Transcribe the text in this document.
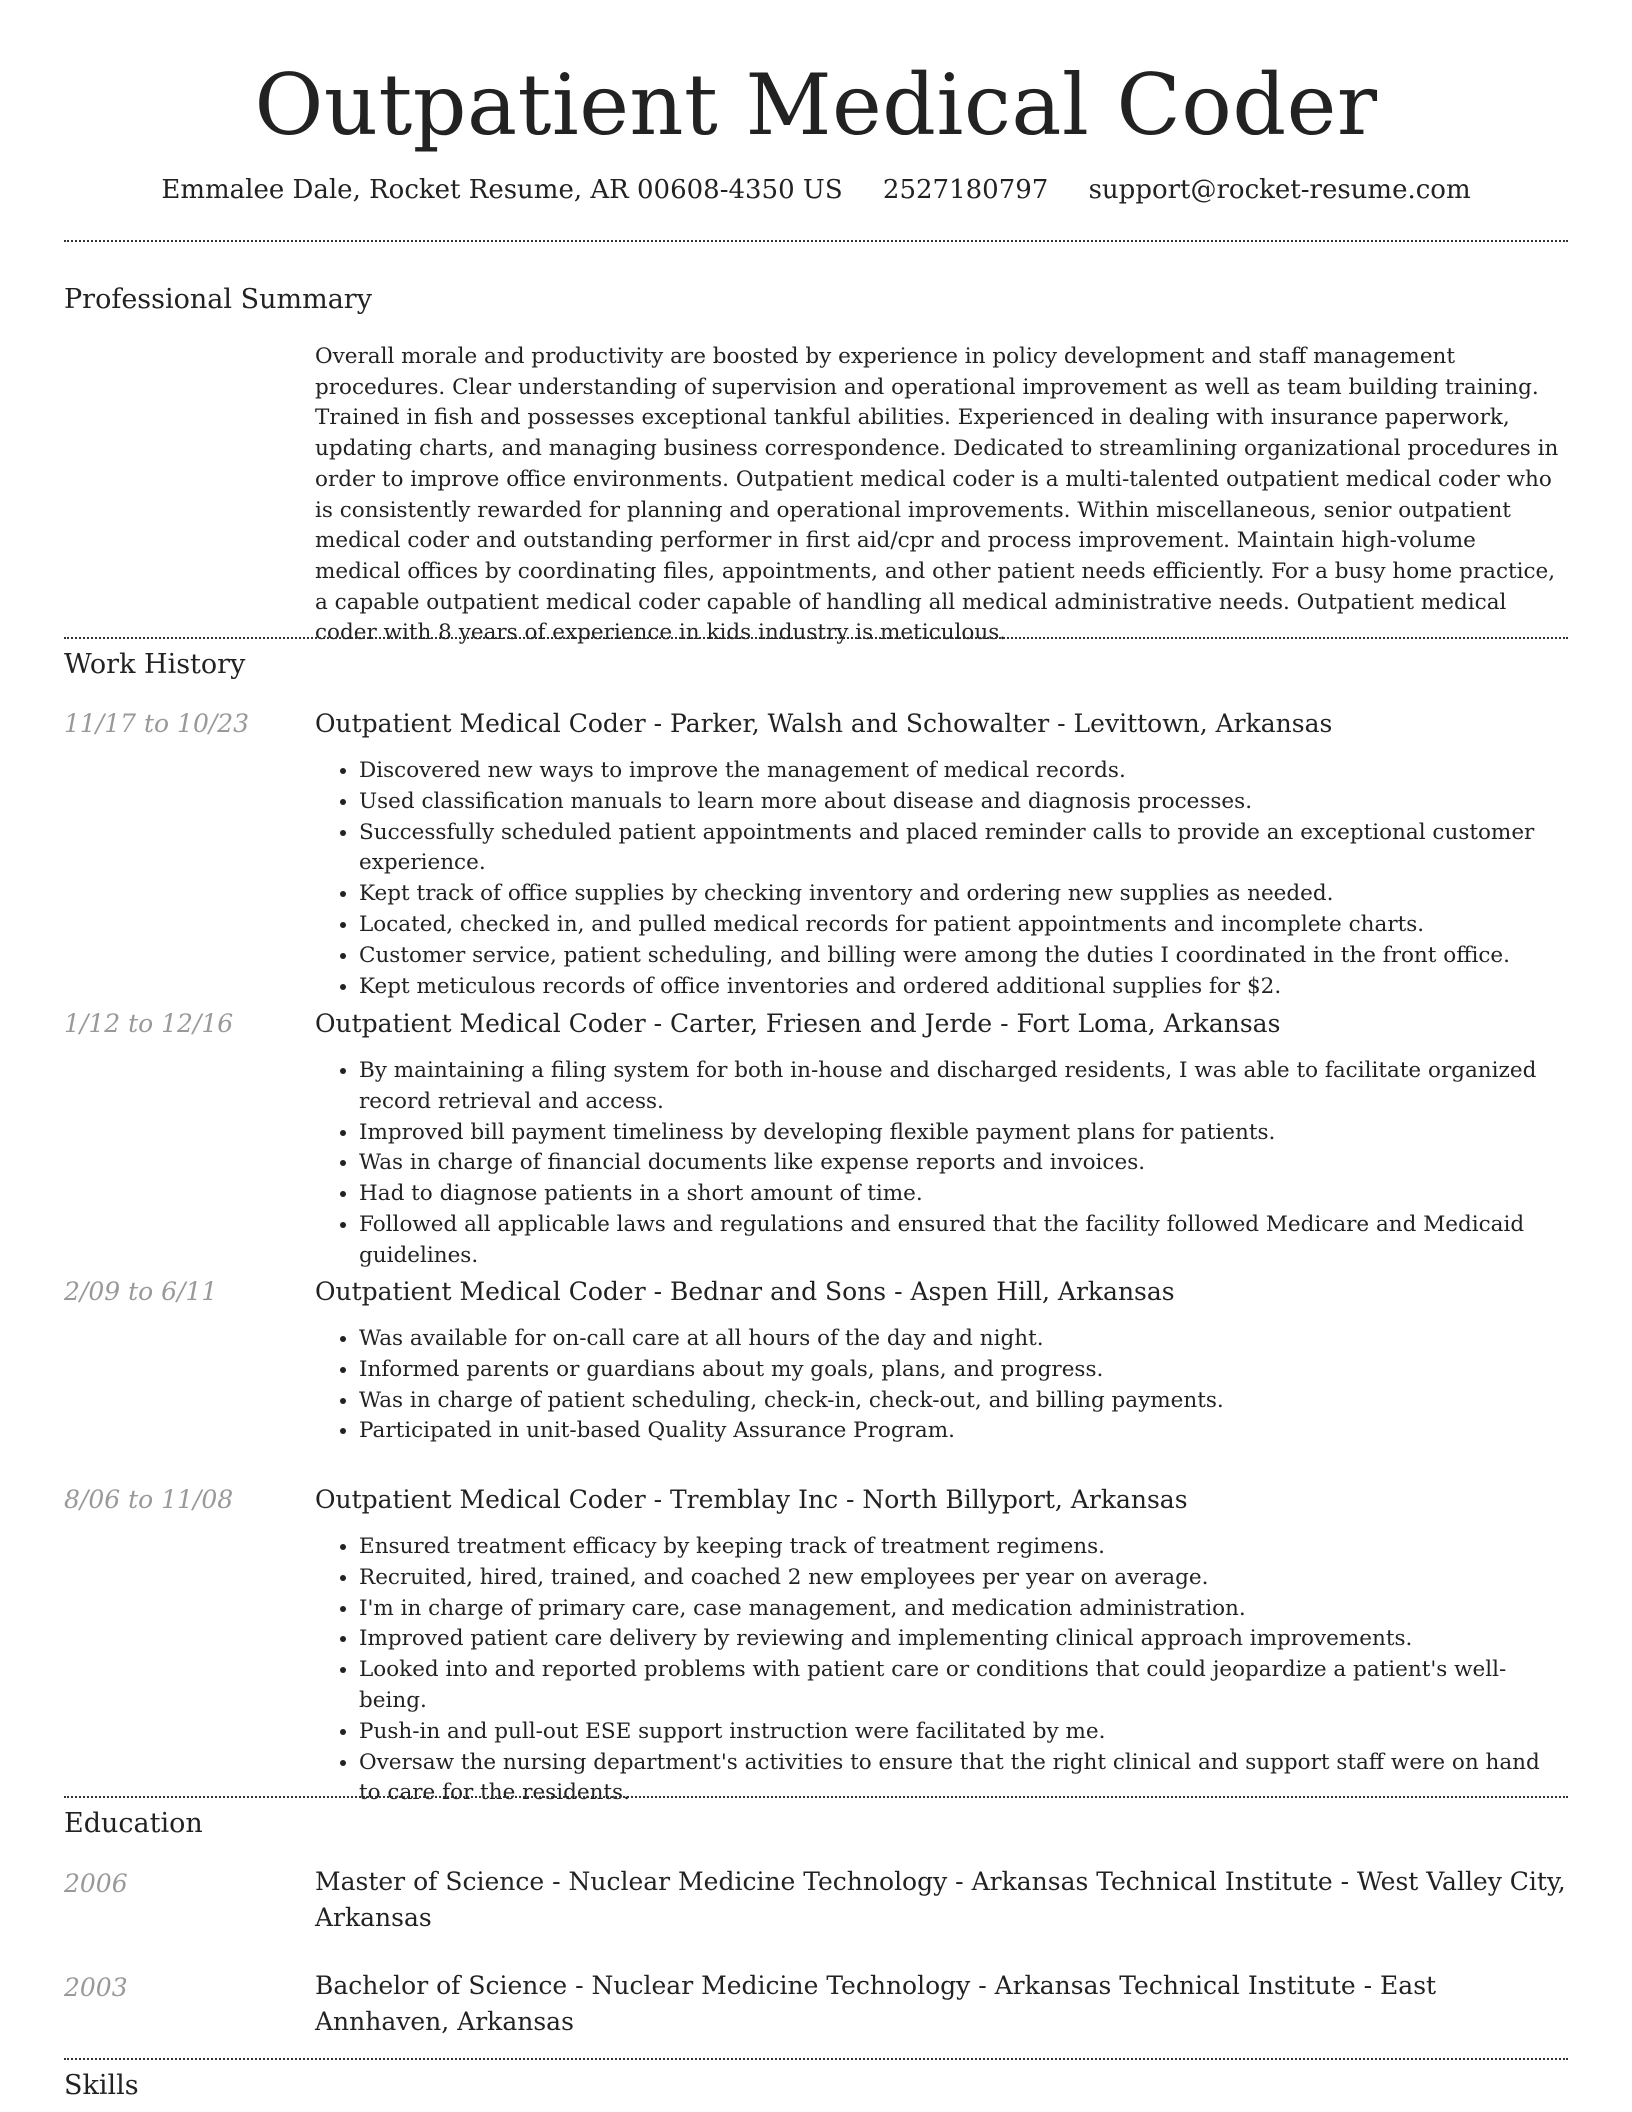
Outpatient Medical Coder
Emmalee Dale, Rocket Resume, AR 00608-4350 US 2527180797 support@rocket-resume.com
Professional Summary

Overall morale and productivity are boosted by experience in policy development and staff management procedures. Clear understanding of supervision and operational improvement as well as team building training. Trained in fish and possesses exceptional tankful abilities. Experienced in dealing with insurance paperwork, updating charts, and managing business correspondence. Dedicated to streamlining organizational procedures in order to improve office environments. Outpatient medical coder is a multi-talented outpatient medical coder who is consistently rewarded for planning and operational improvements. Within miscellaneous, senior outpatient medical coder and outstanding performer in first aid/cpr and process improvement. Maintain high-volume medical offices by coordinating files, appointments, and other patient needs efficiently. For a busy home practice, a capable outpatient medical coder capable of handling all medical administrative needs. Outpatient medical coder with 8 years of experience in kids industry is meticulous.

Work History
11/17 to 10/23	Outpatient Medical Coder - Parker, Walsh and Schowalter - Levittown, Arkansas
• Discovered new ways to improve the management of medical records.
• Used classification manuals to learn more about disease and diagnosis processes.
• Successfully scheduled patient appointments and placed reminder calls to provide an exceptional customer experience.
• Kept track of office supplies by checking inventory and ordering new supplies as needed.
• Located, checked in, and pulled medical records for patient appointments and incomplete charts.
• Customer service, patient scheduling, and billing were among the duties I coordinated in the front office.
• Kept meticulous records of office inventories and ordered additional supplies for $2.
1/12 to 12/16	Outpatient Medical Coder - Carter, Friesen and Jerde - Fort Loma, Arkansas
• By maintaining a filing system for both in-house and discharged residents, I was able to facilitate organized record retrieval and access.
• Improved bill payment timeliness by developing flexible payment plans for patients.
• Was in charge of financial documents like expense reports and invoices.
• Had to diagnose patients in a short amount of time.
• Followed all applicable laws and regulations and ensured that the facility followed Medicare and Medicaid guidelines.
2/09 to 6/11	Outpatient Medical Coder - Bednar and Sons - Aspen Hill, Arkansas
• Was available for on-call care at all hours of the day and night.
• Informed parents or guardians about my goals, plans, and progress.
• Was in charge of patient scheduling, check-in, check-out, and billing payments.
• Participated in unit-based Quality Assurance Program.
8/06 to 11/08	Outpatient Medical Coder - Tremblay Inc - North Billyport, Arkansas
• Ensured treatment efficacy by keeping track of treatment regimens.
• Recruited, hired, trained, and coached 2 new employees per year on average.
• I'm in charge of primary care, case management, and medication administration.
• Improved patient care delivery by reviewing and implementing clinical approach improvements.
• Looked into and reported problems with patient care or conditions that could jeopardize a patient's well-being.
• Push-in and pull-out ESE support instruction were facilitated by me.
• Oversaw the nursing department's activities to ensure that the right clinical and support staff were on hand to care for the residents.
Education
2006	Master of Science - Nuclear Medicine Technology - Arkansas Technical Institute - West Valley City, Arkansas
2003	Bachelor of Science - Nuclear Medicine Technology - Arkansas Technical Institute - East Annhaven, Arkansas
Skills
